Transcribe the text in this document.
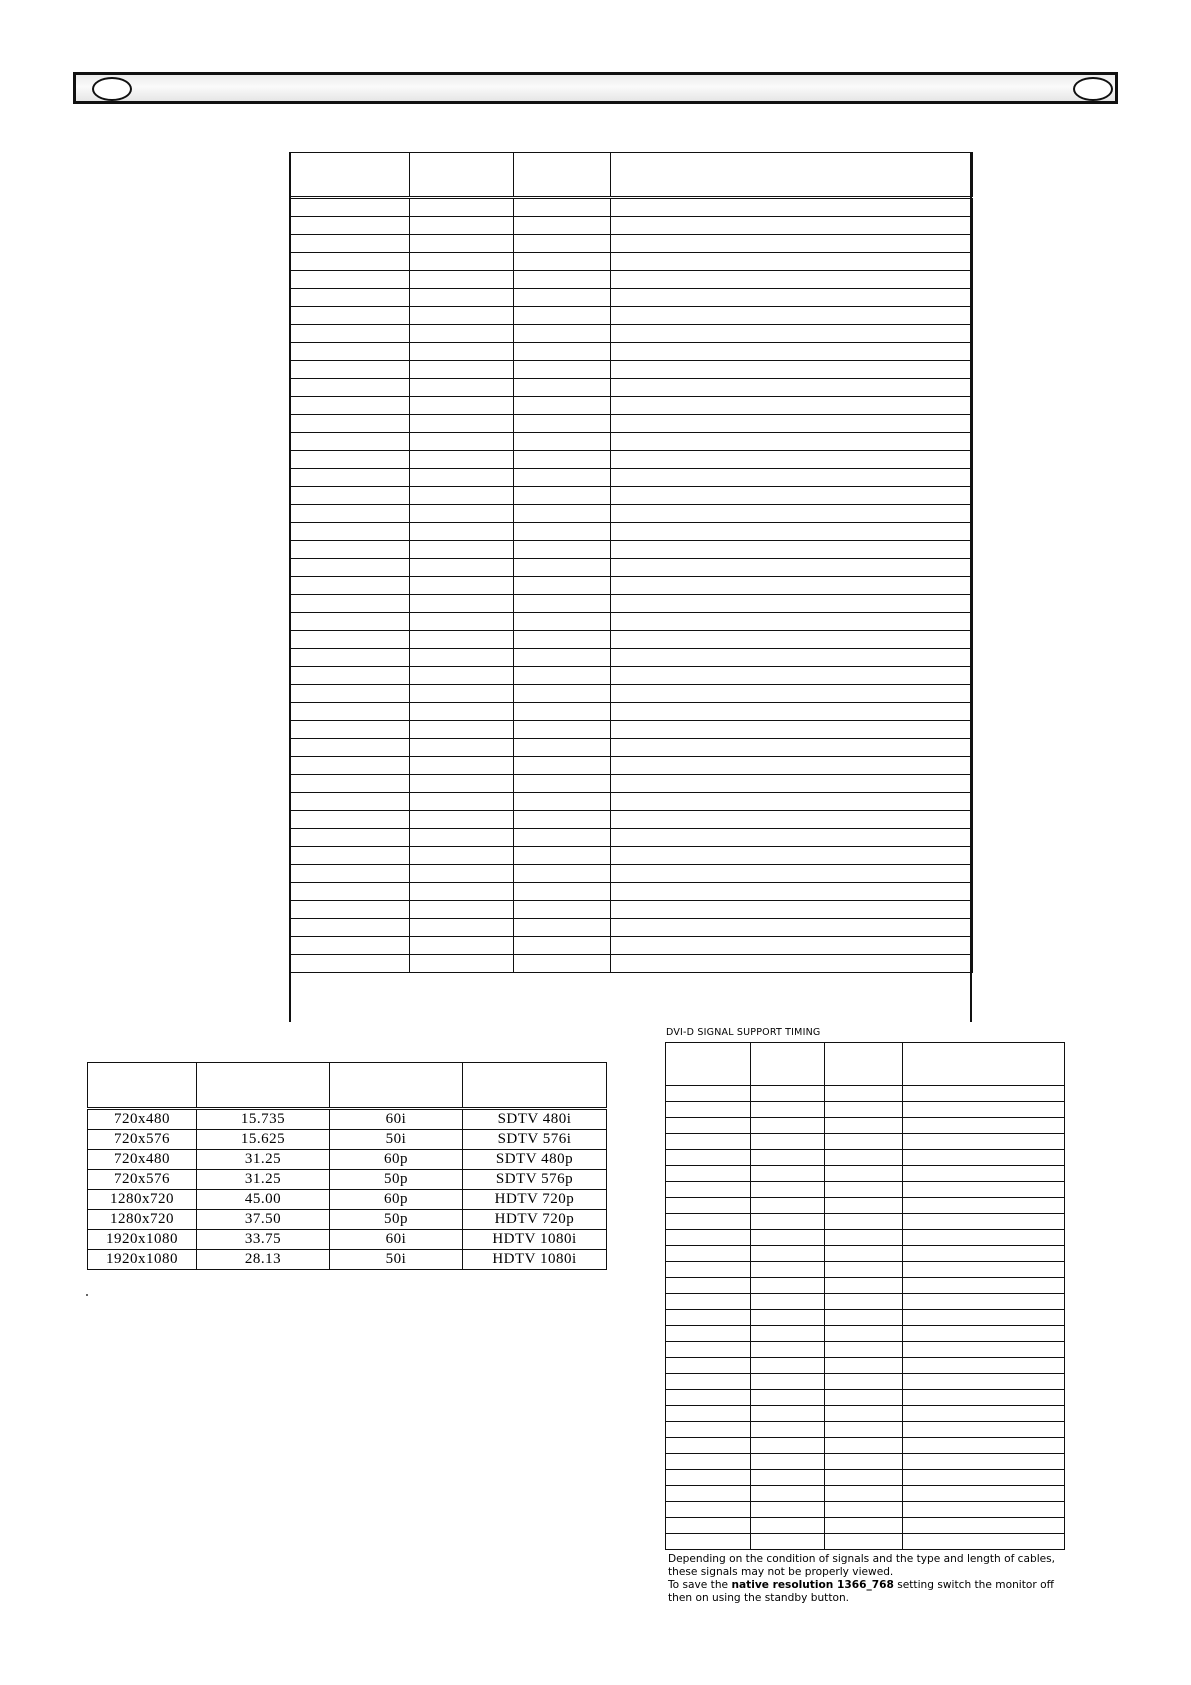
720x480	15.735	60i	SDTV 480i
720x576	15.625	50i	SDTV 576i
720x480	31.25	60p	SDTV 480p
720x576	31.25	50p	SDTV 576p
1280x720	45.00	60p	HDTV 720p
1280x720	37.50	50p	HDTV 720p
1920x1080	33.75	60i	HDTV 1080i
1920x1080	28.13	50i	HDTV 1080i
DVI-D SIGNAL SUPPORT TIMING

Depending on the condition of signals and the type and length of cables, these signals may not be properly viewed.

To save the native resolution 1366_768 setting switch the monitor off then on using the standby button.
